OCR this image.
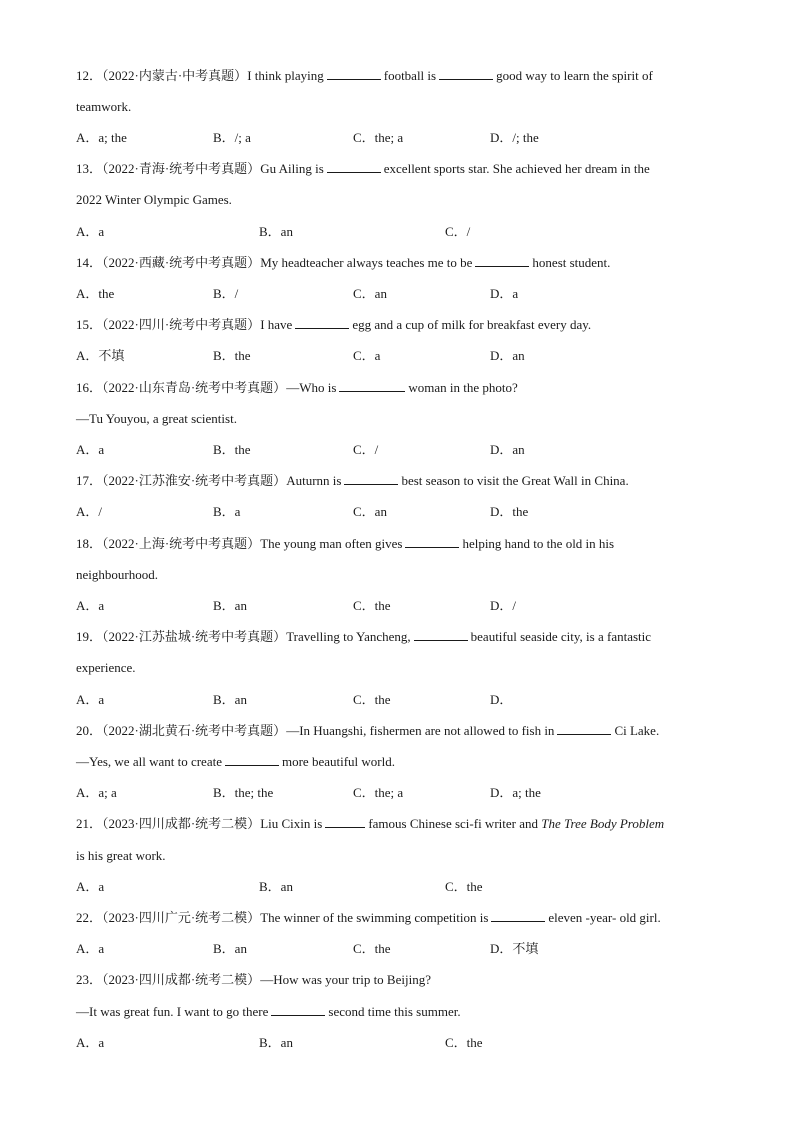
12．（2022·内蒙古·中考真题）I think playing	football is	good way to learn the spirit of
teamwork.
A．a; the	B．/; a	C．the; a	D．/; the
13．（2022·青海·统考中考真题）Gu Ailing is	excellent sports star. She achieved her dream in the
2022 Winter Olympic Games.
A．a	B．an	C．/
14．（2022·西藏·统考中考真题）My headteacher always teaches me to be	honest student.
A．the	B．/	C．an	D．a
15．（2022·四川·统考中考真题）I have	egg and a cup of milk for breakfast every day.
A．不填	B．the	C．a	D．an
16．（2022·山东青岛·统考中考真题）—Who is	woman in the photo?
—Tu Youyou, a great scientist.
A．a	B．the	C．/	D．an
17．（2022·江苏淮安·统考中考真题）Auturnn is	best season to visit the Great Wall in China.
A．/	B．a	C．an	D．the
18．（2022·上海·统考中考真题）The young man often gives	helping hand to the old in his
neighbourhood.
A．a	B．an	C．the	D．/
19．（2022·江苏盐城·统考中考真题）Travelling to Yancheng,	beautiful seaside city, is a fantastic
experience.
A．a	B．an	C．the	D．
20．（2022·湖北黄石·统考中考真题）—In Huangshi, fishermen are not allowed to fish in	Ci Lake.
—Yes, we all want to create	more beautiful world.
A．a; a	B．the; the	C．the; a	D．a; the
21．（2023·四川成都·统考二模）Liu Cixin is	famous Chinese sci-fi writer and The Tree Body Problem
is his great work.
A．a	B．an	C．the
22．（2023·四川广元·统考二模）The winner of the swimming competition is	eleven -year- old girl.
A．a	B．an	C．the	D．不填
23．（2023·四川成都·统考二模）—How was your trip to Beijing?
—It was great fun. I want to go there	second time this summer.
A．a	B．an	C．the
